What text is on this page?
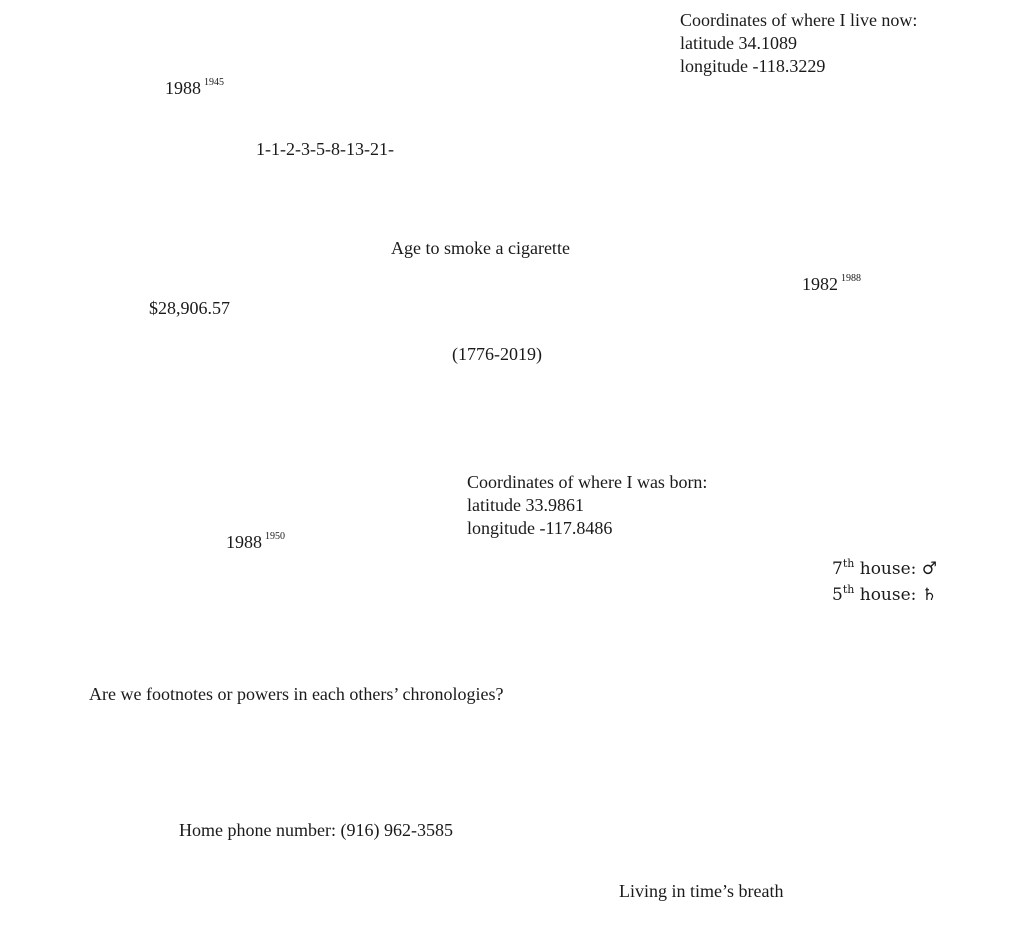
Coordinates of where I live now:
latitude 34.1089
longitude -118.3229
1988 $^{1945}$
1-1-2-3-5-8-13-21-
Age to smoke a cigarette
1982 $^{1988}$
$28,906.57
(1776-2019)
Coordinates of where I was born:
latitude 33.9861
longitude -117.8486
1988 $^{1950}$
7th house: ♂
5th house: ♄
Are we footnotes or powers in each others’ chronologies?
Home phone number: (916) 962-3585
Living in time’s breath
